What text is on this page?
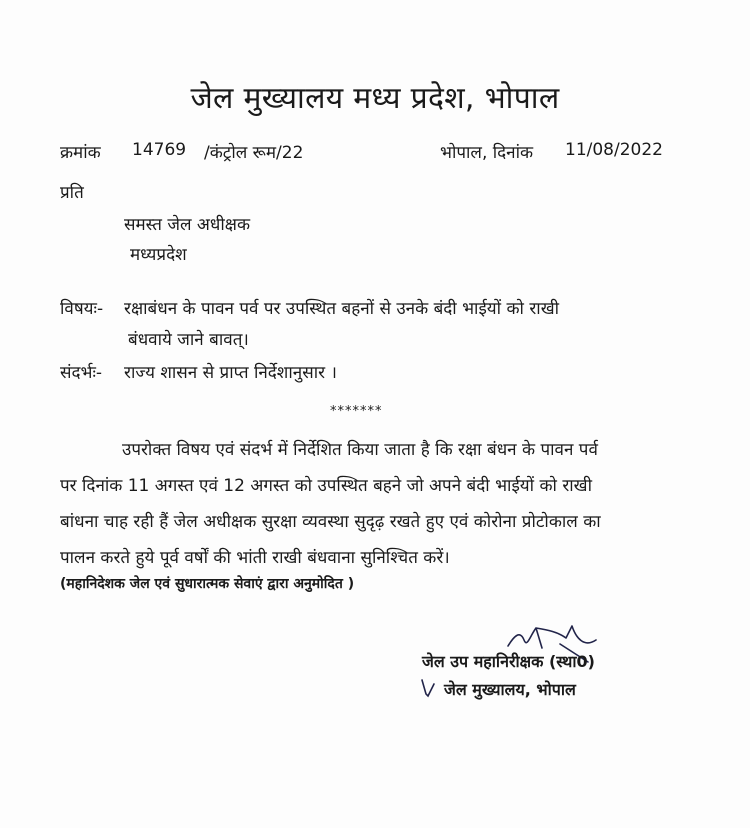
जेल मुख्यालय मध्य प्रदेश, भोपाल
क्रमांक 14769 /कंट्रोल रूम/22	भोपाल, दिनांक 11/08/2022
प्रति
समस्त जेल अधीक्षक
मध्यप्रदेश
विषयः- रक्षाबंधन के पावन पर्व पर उपस्थित बहनों से उनके बंदी भाईयों को राखी
बंधवाये जाने बावत्।
संदर्भः- राज्य शासन से प्राप्त निर्देशानुसार ।
*******
उपरोक्त विषय एवं संदर्भ में निर्देशित किया जाता है कि रक्षा बंधन के पावन पर्व
पर दिनांक 11 अगस्त एवं 12 अगस्त को उपस्थित बहने जो अपने बंदी भाईयों को राखी
बांधना चाह रही हैं जेल अधीक्षक सुरक्षा व्यवस्था सुदृढ़ रखते हुए एवं कोरोना प्रोटोकाल का
पालन करते हुये पूर्व वर्षों की भांती राखी बंधवाना सुनिश्चित करें।
(महानिदेशक जेल एवं सुधारात्मक सेवाएं द्वारा अनुमोदित )
जेल उप महानिरीक्षक (स्था0)
जेल मुख्यालय, भोपाल
